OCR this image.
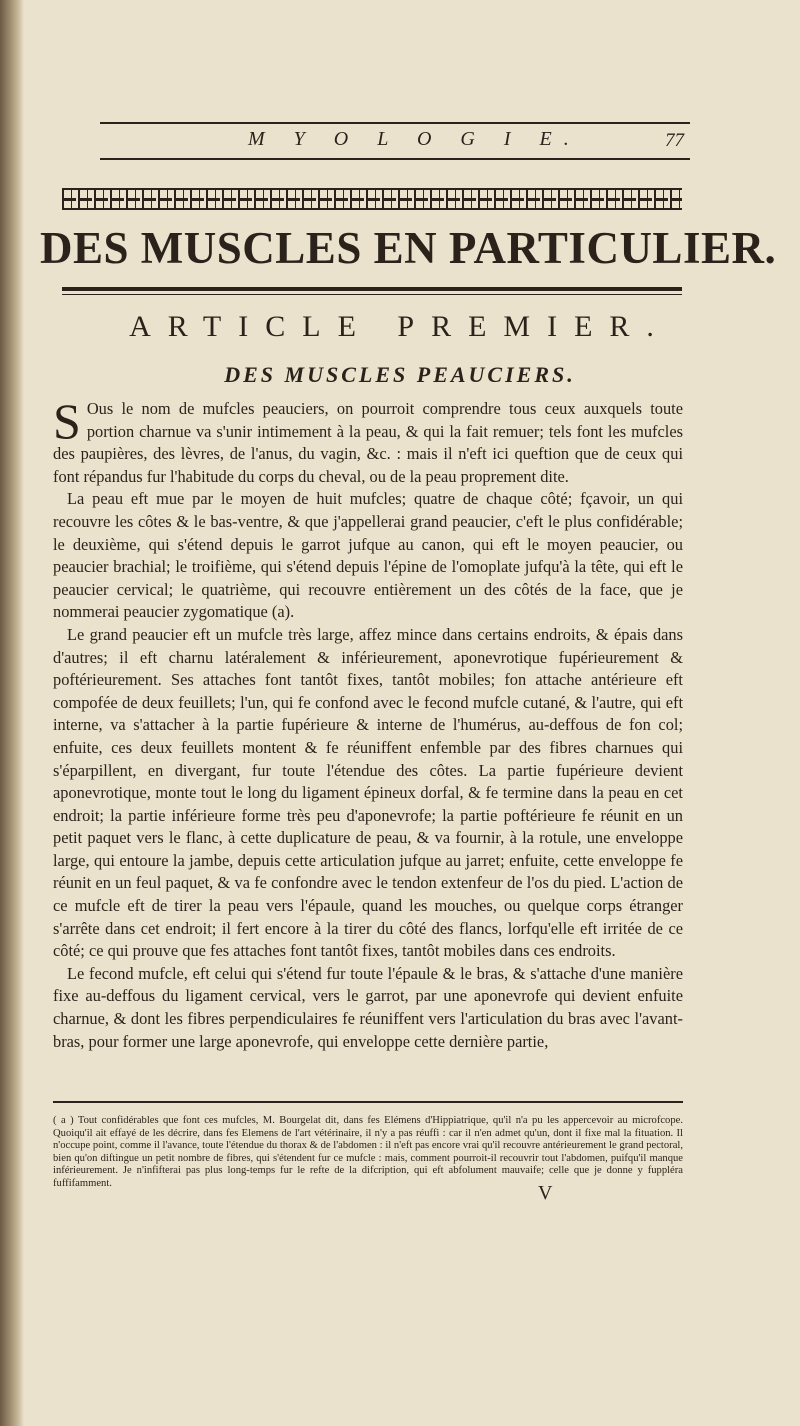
M Y O L O G I E.	77
DES MUSCLES EN PARTICULIER.
ARTICLE PREMIER.
DES MUSCLES PEAUCIERS.

S Ous le nom de mufcles peauciers, on pourroit comprendre tous ceux auxquels toute portion charnue va s'unir intimement à la peau, & qui la fait remuer; tels font les mufcles des paupières, des lèvres, de l'anus, du vagin, &c. : mais il n'eft ici queftion que de ceux qui font répandus fur l'habitude du corps du cheval, ou de la peau proprement dite.

La peau eft mue par le moyen de huit mufcles; quatre de chaque côté; fçavoir, un qui recouvre les côtes & le bas-ventre, & que j'appellerai grand peaucier, c'eft le plus confidérable; le deuxième, qui s'étend depuis le garrot jufque au canon, qui eft le moyen peaucier, ou peaucier brachial; le troifième, qui s'étend depuis l'épine de l'omoplate jufqu'à la tête, qui eft le peaucier cervical; le quatrième, qui recouvre entièrement un des côtés de la face, que je nommerai peaucier zygomatique (a).

Le grand peaucier eft un mufcle très large, affez mince dans certains endroits, & épais dans d'autres; il eft charnu latéralement & inférieurement, aponevrotique fupérieurement & poftérieurement. Ses attaches font tantôt fixes, tantôt mobiles; fon attache antérieure eft compofée de deux feuillets; l'un, qui fe confond avec le fecond mufcle cutané, & l'autre, qui eft interne, va s'attacher à la partie fupérieure & interne de l'humérus, au-deffous de fon col; enfuite, ces deux feuillets montent & fe réuniffent enfemble par des fibres charnues qui s'éparpillent, en divergant, fur toute l'étendue des côtes. La partie fupérieure devient aponevrotique, monte tout le long du ligament épineux dorfal, & fe termine dans la peau en cet endroit; la partie inférieure forme très peu d'aponevrofe; la partie poftérieure fe réunit en un petit paquet vers le flanc, à cette duplicature de peau, & va fournir, à la rotule, une enveloppe large, qui entoure la jambe, depuis cette articulation jufque au jarret; enfuite, cette enveloppe fe réunit en un feul paquet, & va fe confondre avec le tendon extenfeur de l'os du pied. L'action de ce mufcle eft de tirer la peau vers l'épaule, quand les mouches, ou quelque corps étranger s'arrête dans cet endroit; il fert encore à la tirer du côté des flancs, lorfqu'elle eft irritée de ce côté; ce qui prouve que fes attaches font tantôt fixes, tantôt mobiles dans ces endroits.

Le fecond mufcle, eft celui qui s'étend fur toute l'épaule & le bras, & s'attache d'une manière fixe au-deffous du ligament cervical, vers le garrot, par une aponevrofe qui devient enfuite charnue, & dont les fibres perpendiculaires fe réuniffent vers l'articulation du bras avec l'avant-bras, pour former une large aponevrofe, qui enveloppe cette dernière partie,

( a ) Tout confidérables que font ces mufcles, M. Bourgelat dit, dans fes Elémens d'Hippiatrique, qu'il n'a pu les appercevoir au microfcope. Quoiqu'il ait effayé de les décrire, dans fes Elemens de l'art vétérinaire, il n'y a pas réuffi : car il n'en admet qu'un, dont il fixe mal la fituation. Il n'occupe point, comme il l'avance, toute l'étendue du thorax & de l'abdomen : il n'eft pas encore vrai qu'il recouvre antérieurement le grand pectoral, bien qu'on diftingue un petit nombre de fibres, qui s'étendent fur ce mufcle : mais, comment pourroit-il recouvrir tout l'abdomen, puifqu'il manque inférieurement. Je n'infifterai pas plus long-temps fur le refte de la difcription, qui eft abfolument mauvaife; celle que je donne y fuppléra fuffifamment.	V
